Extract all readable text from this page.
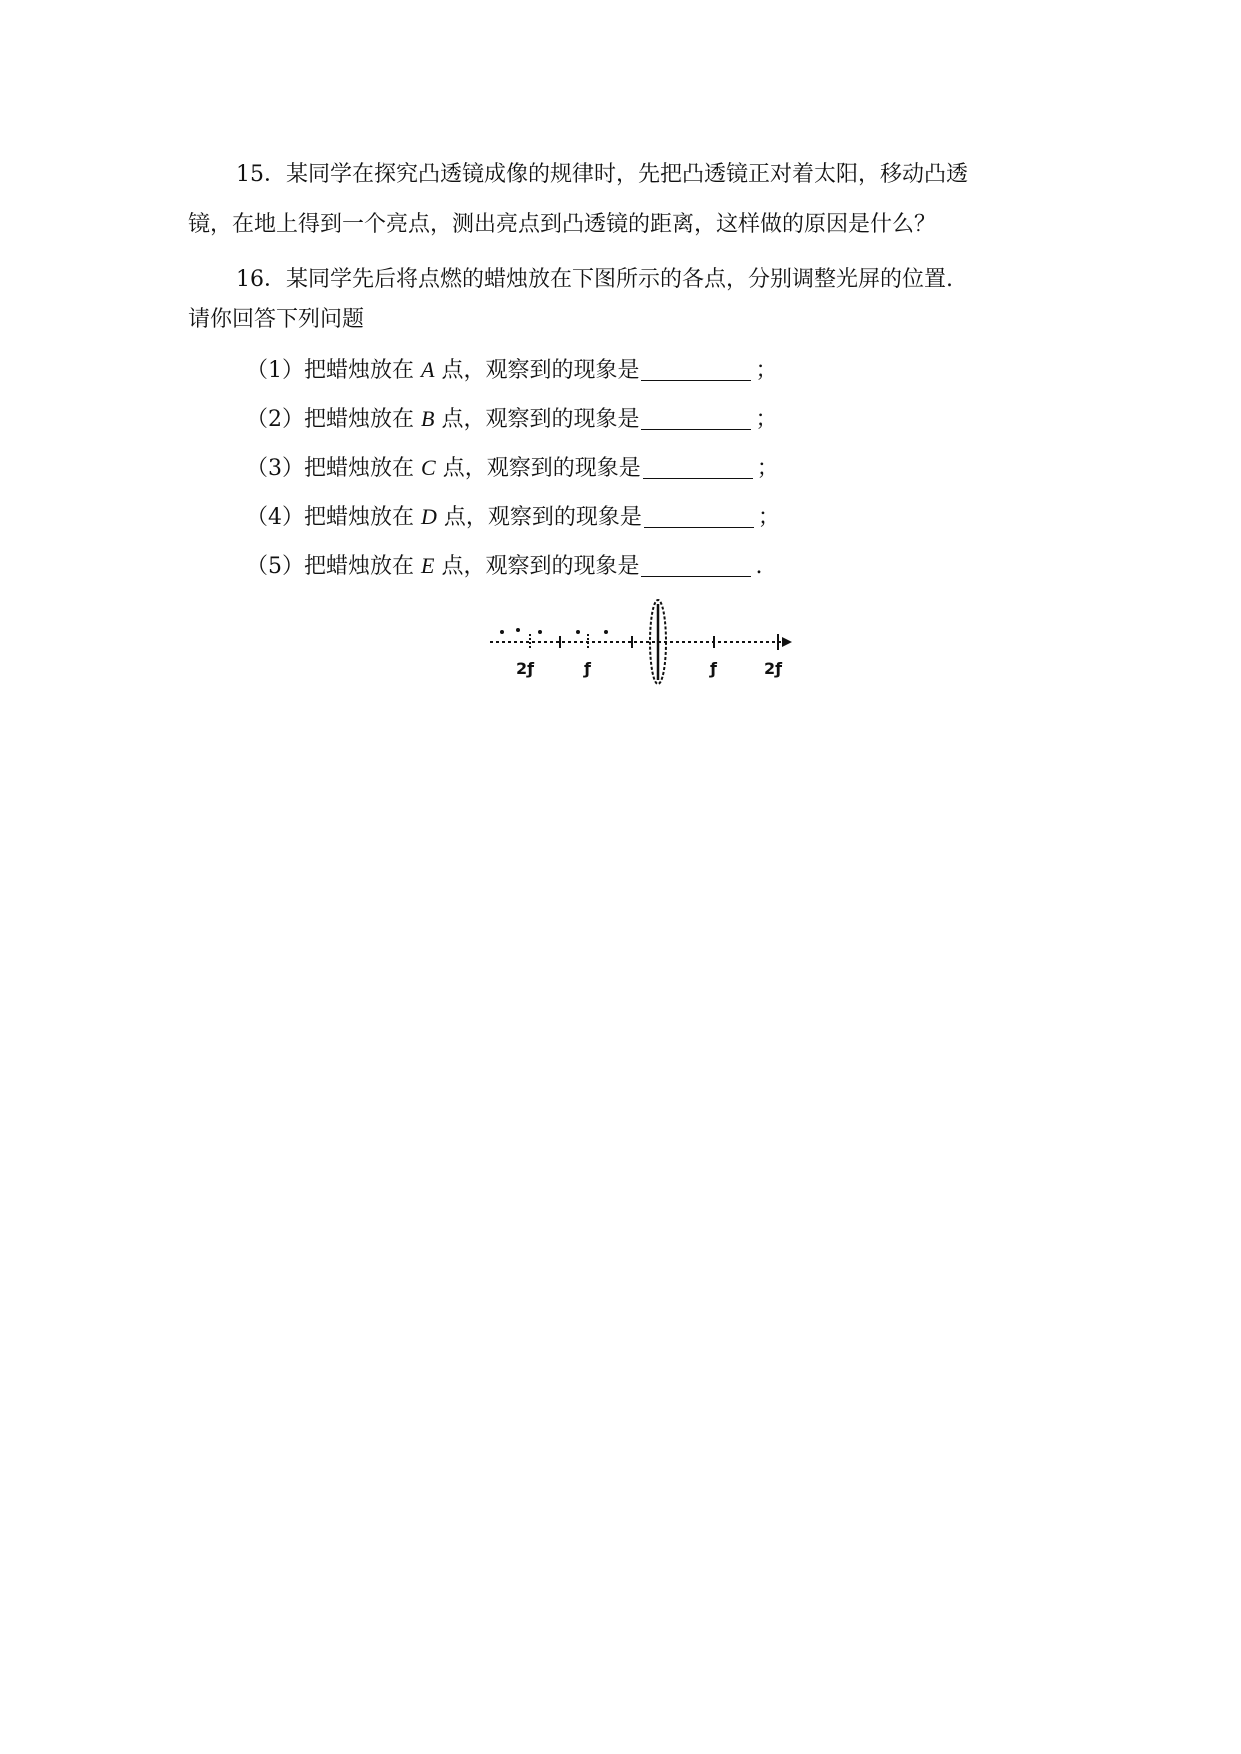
15．某同学在探究凸透镜成像的规律时，先把凸透镜正对着太阳，移动凸透
镜，在地上得到一个亮点，测出亮点到凸透镜的距离，这样做的原因是什么？
16．某同学先后将点燃的蜡烛放在下图所示的各点，分别调整光屏的位置.
请你回答下列问题
（1）把蜡烛放在 A 点，观察到的现象是	；
（2）把蜡烛放在 B 点，观察到的现象是	；
（3）把蜡烛放在 C 点，观察到的现象是	；
（4）把蜡烛放在 D 点，观察到的现象是	；
（5）把蜡烛放在 E 点，观察到的现象是	.
2ƒ	ƒ	ƒ	2ƒ
